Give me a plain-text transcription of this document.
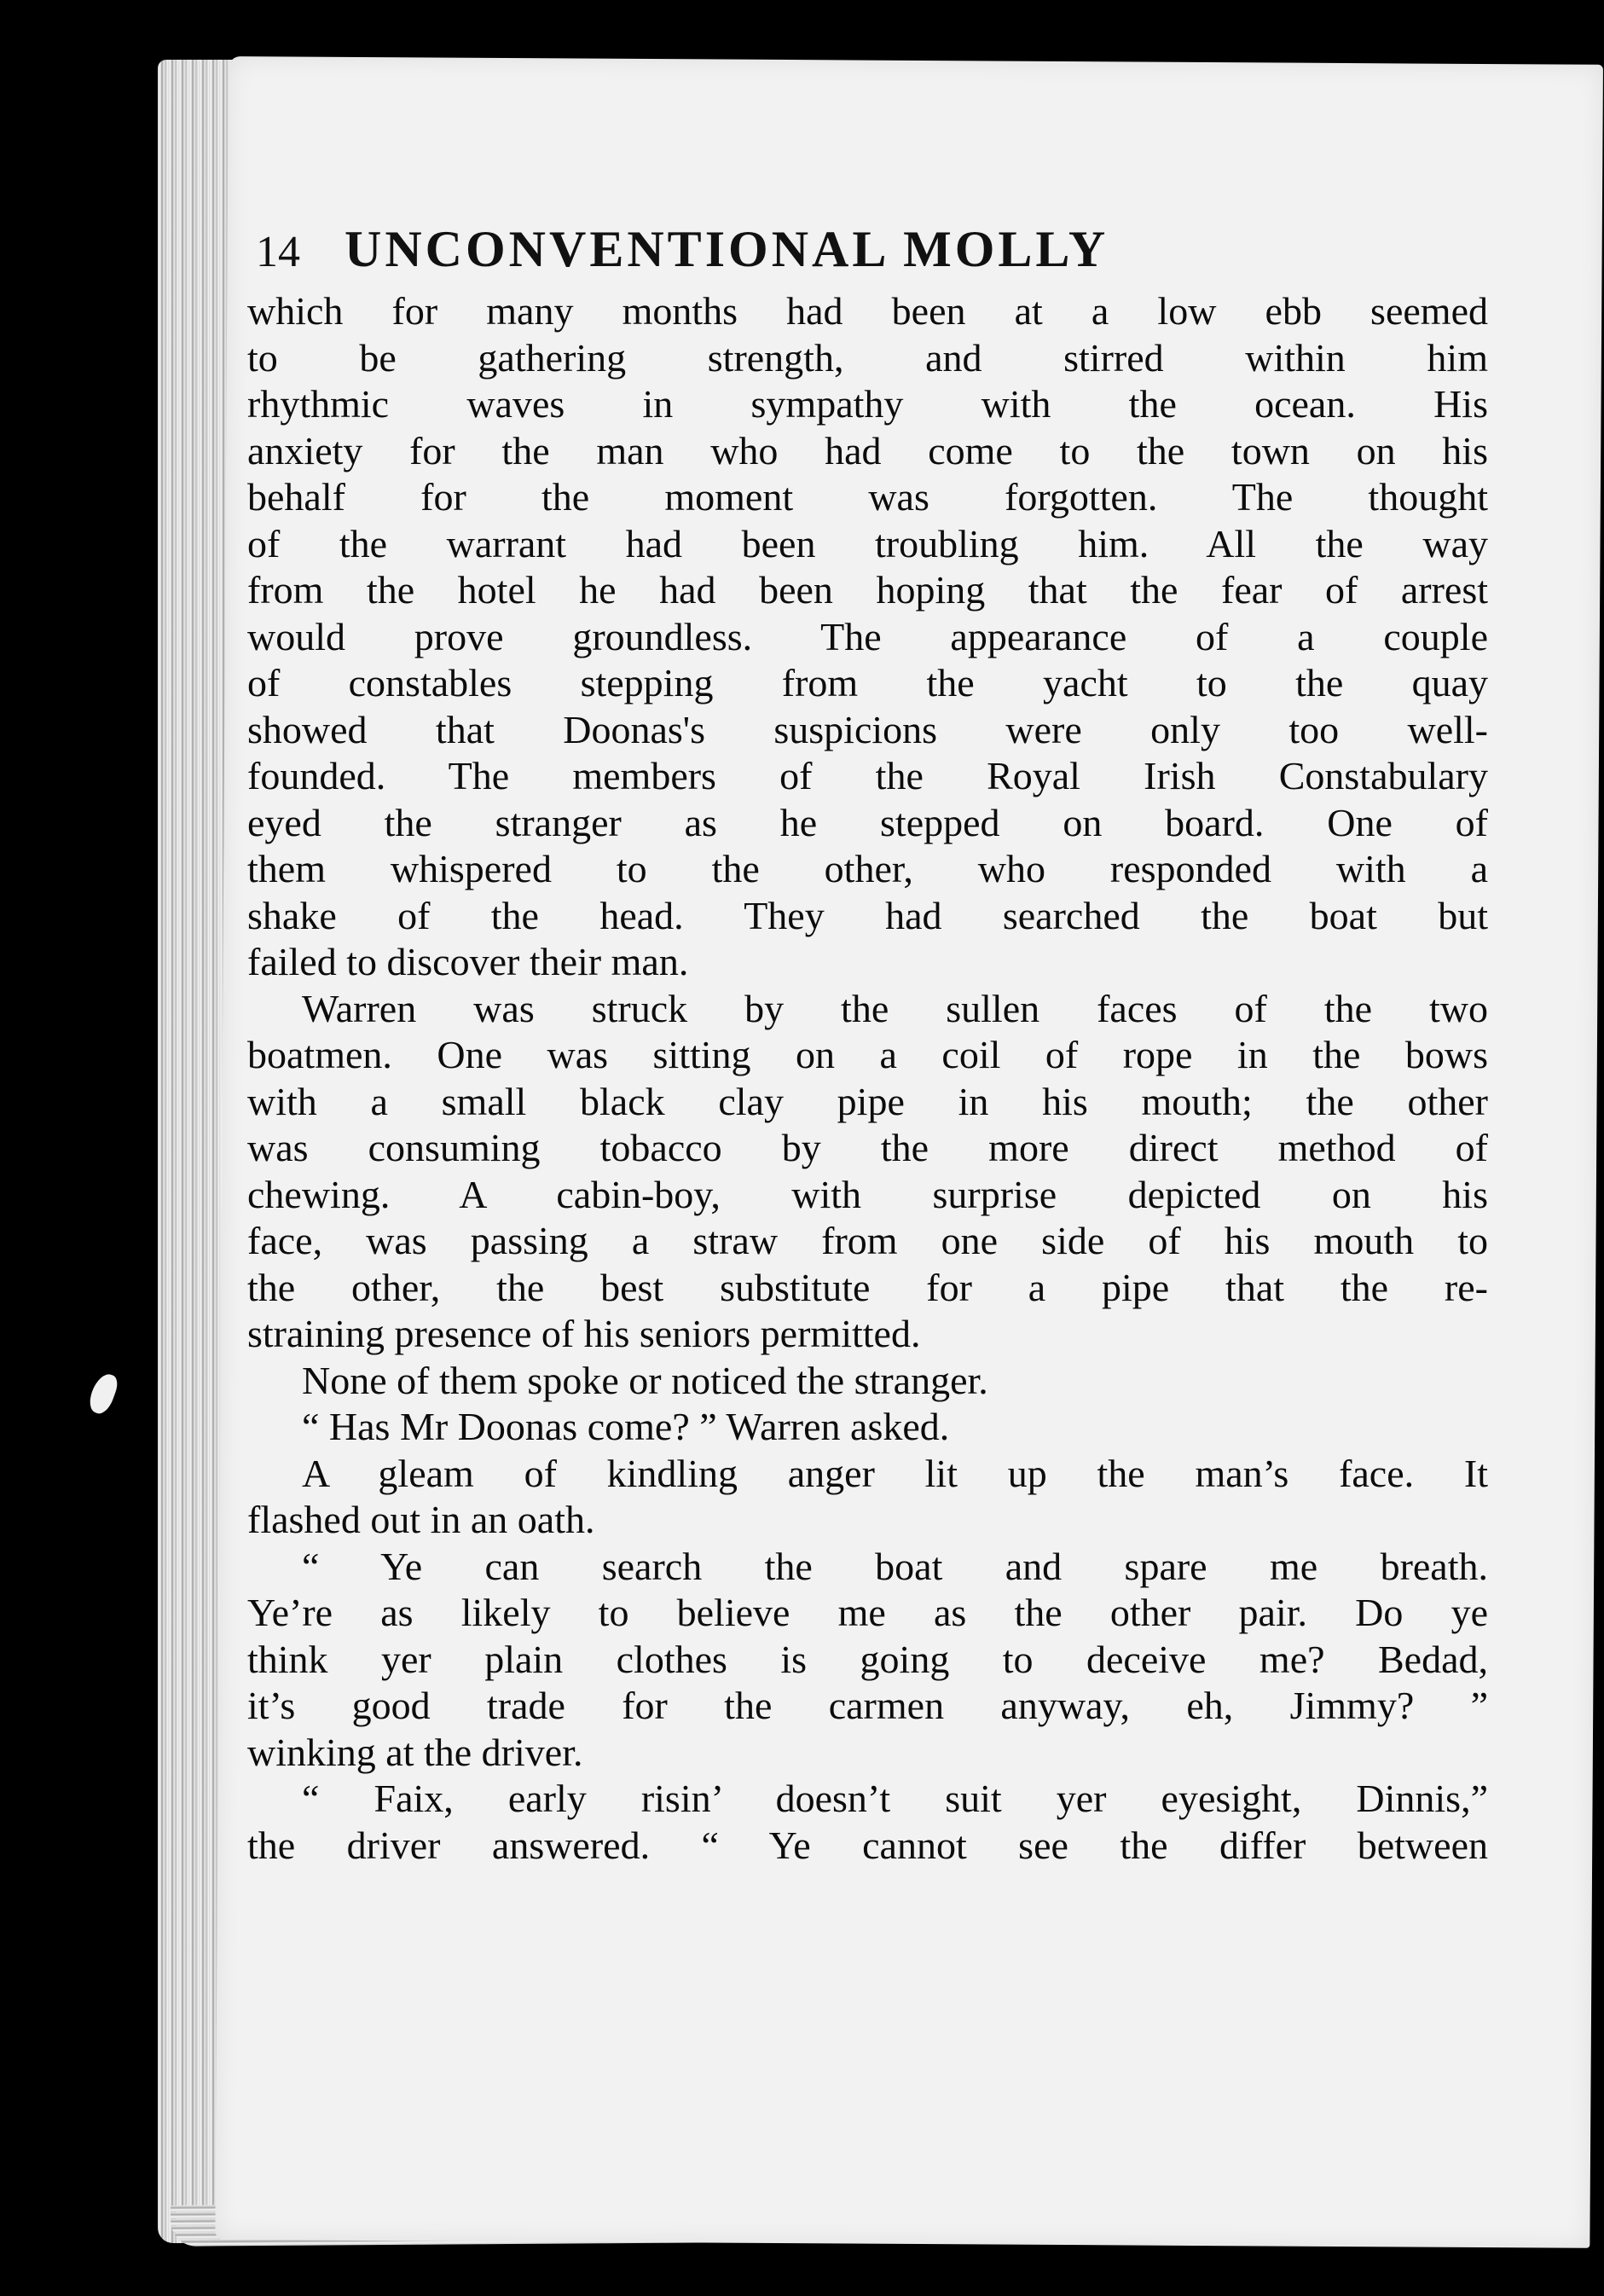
14 UNCONVENTIONAL MOLLY
which for many months had been at a low ebb seemed
to be gathering strength, and stirred within him
rhythmic waves in sympathy with the ocean. His
anxiety for the man who had come to the town on his
behalf for the moment was forgotten. The thought
of the warrant had been troubling him. All the way
from the hotel he had been hoping that the fear of arrest
would prove groundless. The appearance of a couple
of constables stepping from the yacht to the quay
showed that Doonas's suspicions were only too well-
founded. The members of the Royal Irish Constabulary
eyed the stranger as he stepped on board. One of
them whispered to the other, who responded with a
shake of the head. They had searched the boat but
failed to discover their man.
Warren was struck by the sullen faces of the two
boatmen. One was sitting on a coil of rope in the bows
with a small black clay pipe in his mouth; the other
was consuming tobacco by the more direct method of
chewing. A cabin-boy, with surprise depicted on his
face, was passing a straw from one side of his mouth to
the other, the best substitute for a pipe that the re-
straining presence of his seniors permitted.
None of them spoke or noticed the stranger.
“ Has Mr Doonas come? ” Warren asked.
A gleam of kindling anger lit up the man’s face. It
flashed out in an oath.
“ Ye can search the boat and spare me breath.
Ye’re as likely to believe me as the other pair. Do ye
think yer plain clothes is going to deceive me? Bedad,
it’s good trade for the carmen anyway, eh, Jimmy? ”
winking at the driver.
“ Faix, early risin’ doesn’t suit yer eyesight, Dinnis,”
the driver answered. “ Ye cannot see the differ between
